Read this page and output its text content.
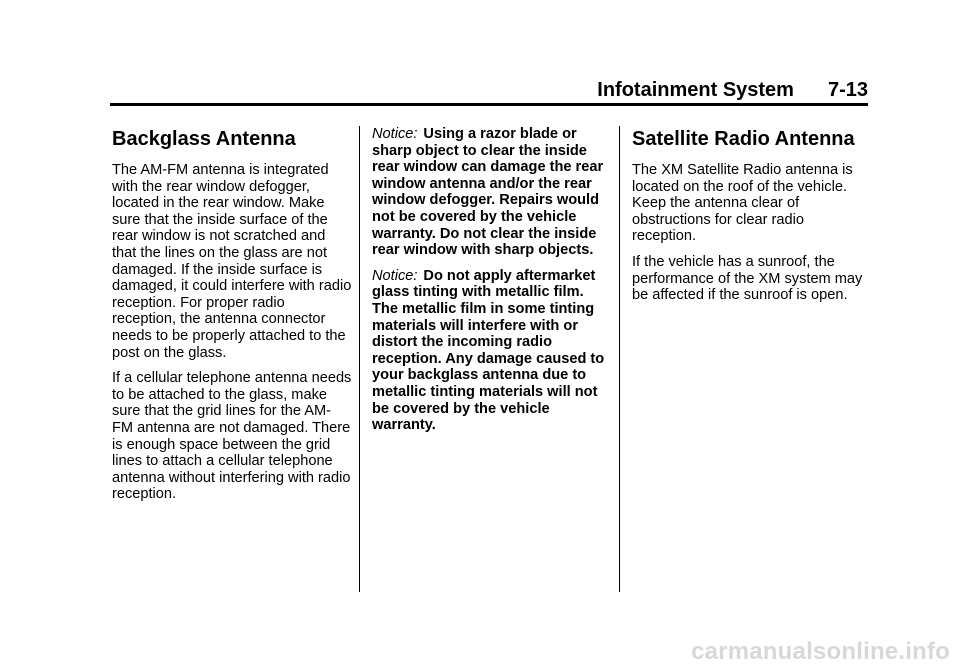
Infotainment System 7-13
Backglass Antenna

The AM-FM antenna is integrated with the rear window defogger, located in the rear window. Make sure that the inside surface of the rear window is not scratched and that the lines on the glass are not damaged. If the inside surface is damaged, it could interfere with radio reception. For proper radio reception, the antenna connector needs to be properly attached to the post on the glass.

If a cellular telephone antenna needs to be attached to the glass, make sure that the grid lines for the AM-FM antenna are not damaged. There is enough space between the grid lines to attach a cellular telephone antenna without interfering with radio reception.

Notice: Using a razor blade or sharp object to clear the inside rear window can damage the rear window antenna and/or the rear window defogger. Repairs would not be covered by the vehicle warranty. Do not clear the inside rear window with sharp objects.

Notice: Do not apply aftermarket glass tinting with metallic film. The metallic film in some tinting materials will interfere with or distort the incoming radio reception. Any damage caused to your backglass antenna due to metallic tinting materials will not be covered by the vehicle warranty.

Satellite Radio Antenna

The XM Satellite Radio antenna is located on the roof of the vehicle. Keep the antenna clear of obstructions for clear radio reception.

If the vehicle has a sunroof, the performance of the XM system may be affected if the sunroof is open.

carmanualsonline.info
